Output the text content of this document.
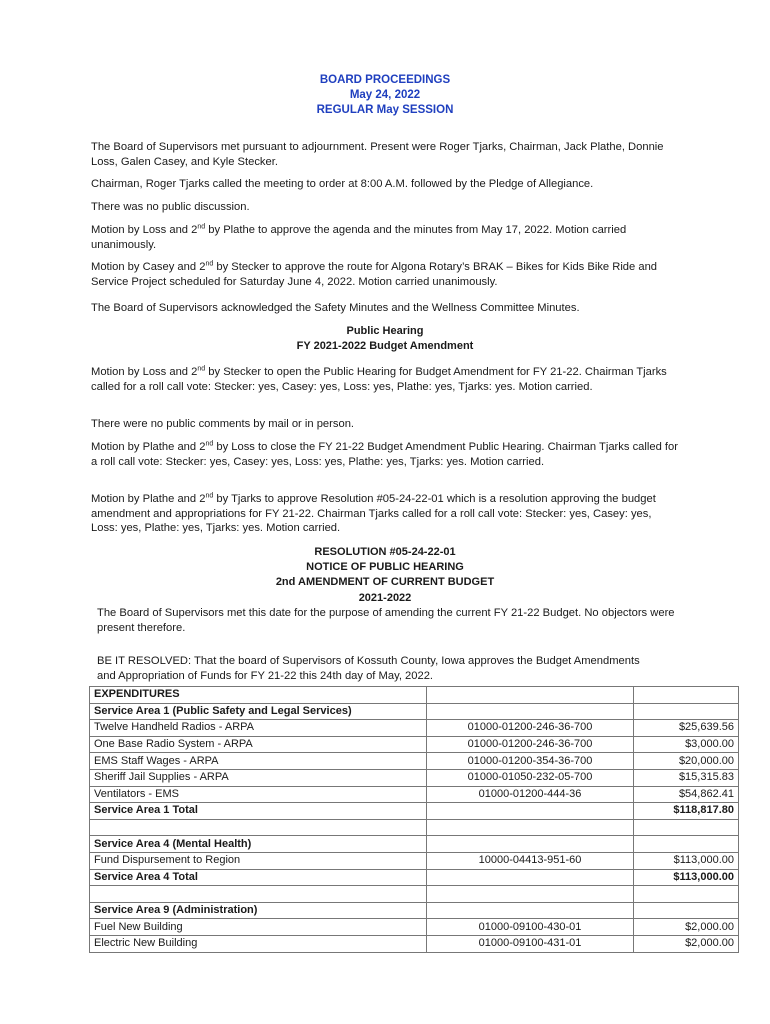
BOARD PROCEEDINGS
May 24, 2022
REGULAR May SESSION
The Board of Supervisors met pursuant to adjournment. Present were Roger Tjarks, Chairman, Jack Plathe, Donnie Loss, Galen Casey, and Kyle Stecker.
Chairman, Roger Tjarks called the meeting to order at 8:00 A.M. followed by the Pledge of Allegiance.
There was no public discussion.
Motion by Loss and 2nd by Plathe to approve the agenda and the minutes from May 17, 2022. Motion carried unanimously.
Motion by Casey and 2nd by Stecker to approve the route for Algona Rotary’s BRAK – Bikes for Kids Bike Ride and Service Project scheduled for Saturday June 4, 2022. Motion carried unanimously.
The Board of Supervisors acknowledged the Safety Minutes and the Wellness Committee Minutes.
Public Hearing
FY 2021-2022 Budget Amendment
Motion by Loss and 2nd by Stecker to open the Public Hearing for Budget Amendment for FY 21-22. Chairman Tjarks called for a roll call vote: Stecker: yes, Casey: yes, Loss: yes, Plathe: yes, Tjarks: yes. Motion carried.
There were no public comments by mail or in person.
Motion by Plathe and 2nd by Loss to close the FY 21-22 Budget Amendment Public Hearing. Chairman Tjarks called for a roll call vote: Stecker: yes, Casey: yes, Loss: yes, Plathe: yes, Tjarks: yes. Motion carried.
Motion by Plathe and 2nd by Tjarks to approve Resolution #05-24-22-01 which is a resolution approving the budget amendment and appropriations for FY 21-22. Chairman Tjarks called for a roll call vote: Stecker: yes, Casey: yes, Loss: yes, Plathe: yes, Tjarks: yes. Motion carried.
RESOLUTION #05-24-22-01
NOTICE OF PUBLIC HEARING
2nd AMENDMENT OF CURRENT BUDGET
2021-2022
The Board of Supervisors met this date for the purpose of amending the current FY 21-22 Budget. No objectors were present therefore.
BE IT RESOLVED: That the board of Supervisors of Kossuth County, Iowa approves the Budget Amendments and Appropriation of Funds for FY 21-22 this 24th day of May, 2022.
EXPENDITURES		
Service Area 1 (Public Safety and Legal Services)		
Twelve Handheld Radios - ARPA	01000-01200-246-36-700	$25,639.56
One Base Radio System - ARPA	01000-01200-246-36-700	$3,000.00
EMS Staff Wages - ARPA	01000-01200-354-36-700	$20,000.00
Sheriff Jail Supplies - ARPA	01000-01050-232-05-700	$15,315.83
Ventilators - EMS	01000-01200-444-36	$54,862.41
Service Area 1 Total		$118,817.80

Service Area 4 (Mental Health)		
Fund Dispursement to Region	10000-04413-951-60	$113,000.00
Service Area 4 Total		$113,000.00

Service Area 9 (Administration)		
Fuel New Building	01000-09100-430-01	$2,000.00
Electric New Building	01000-09100-431-01	$2,000.00
